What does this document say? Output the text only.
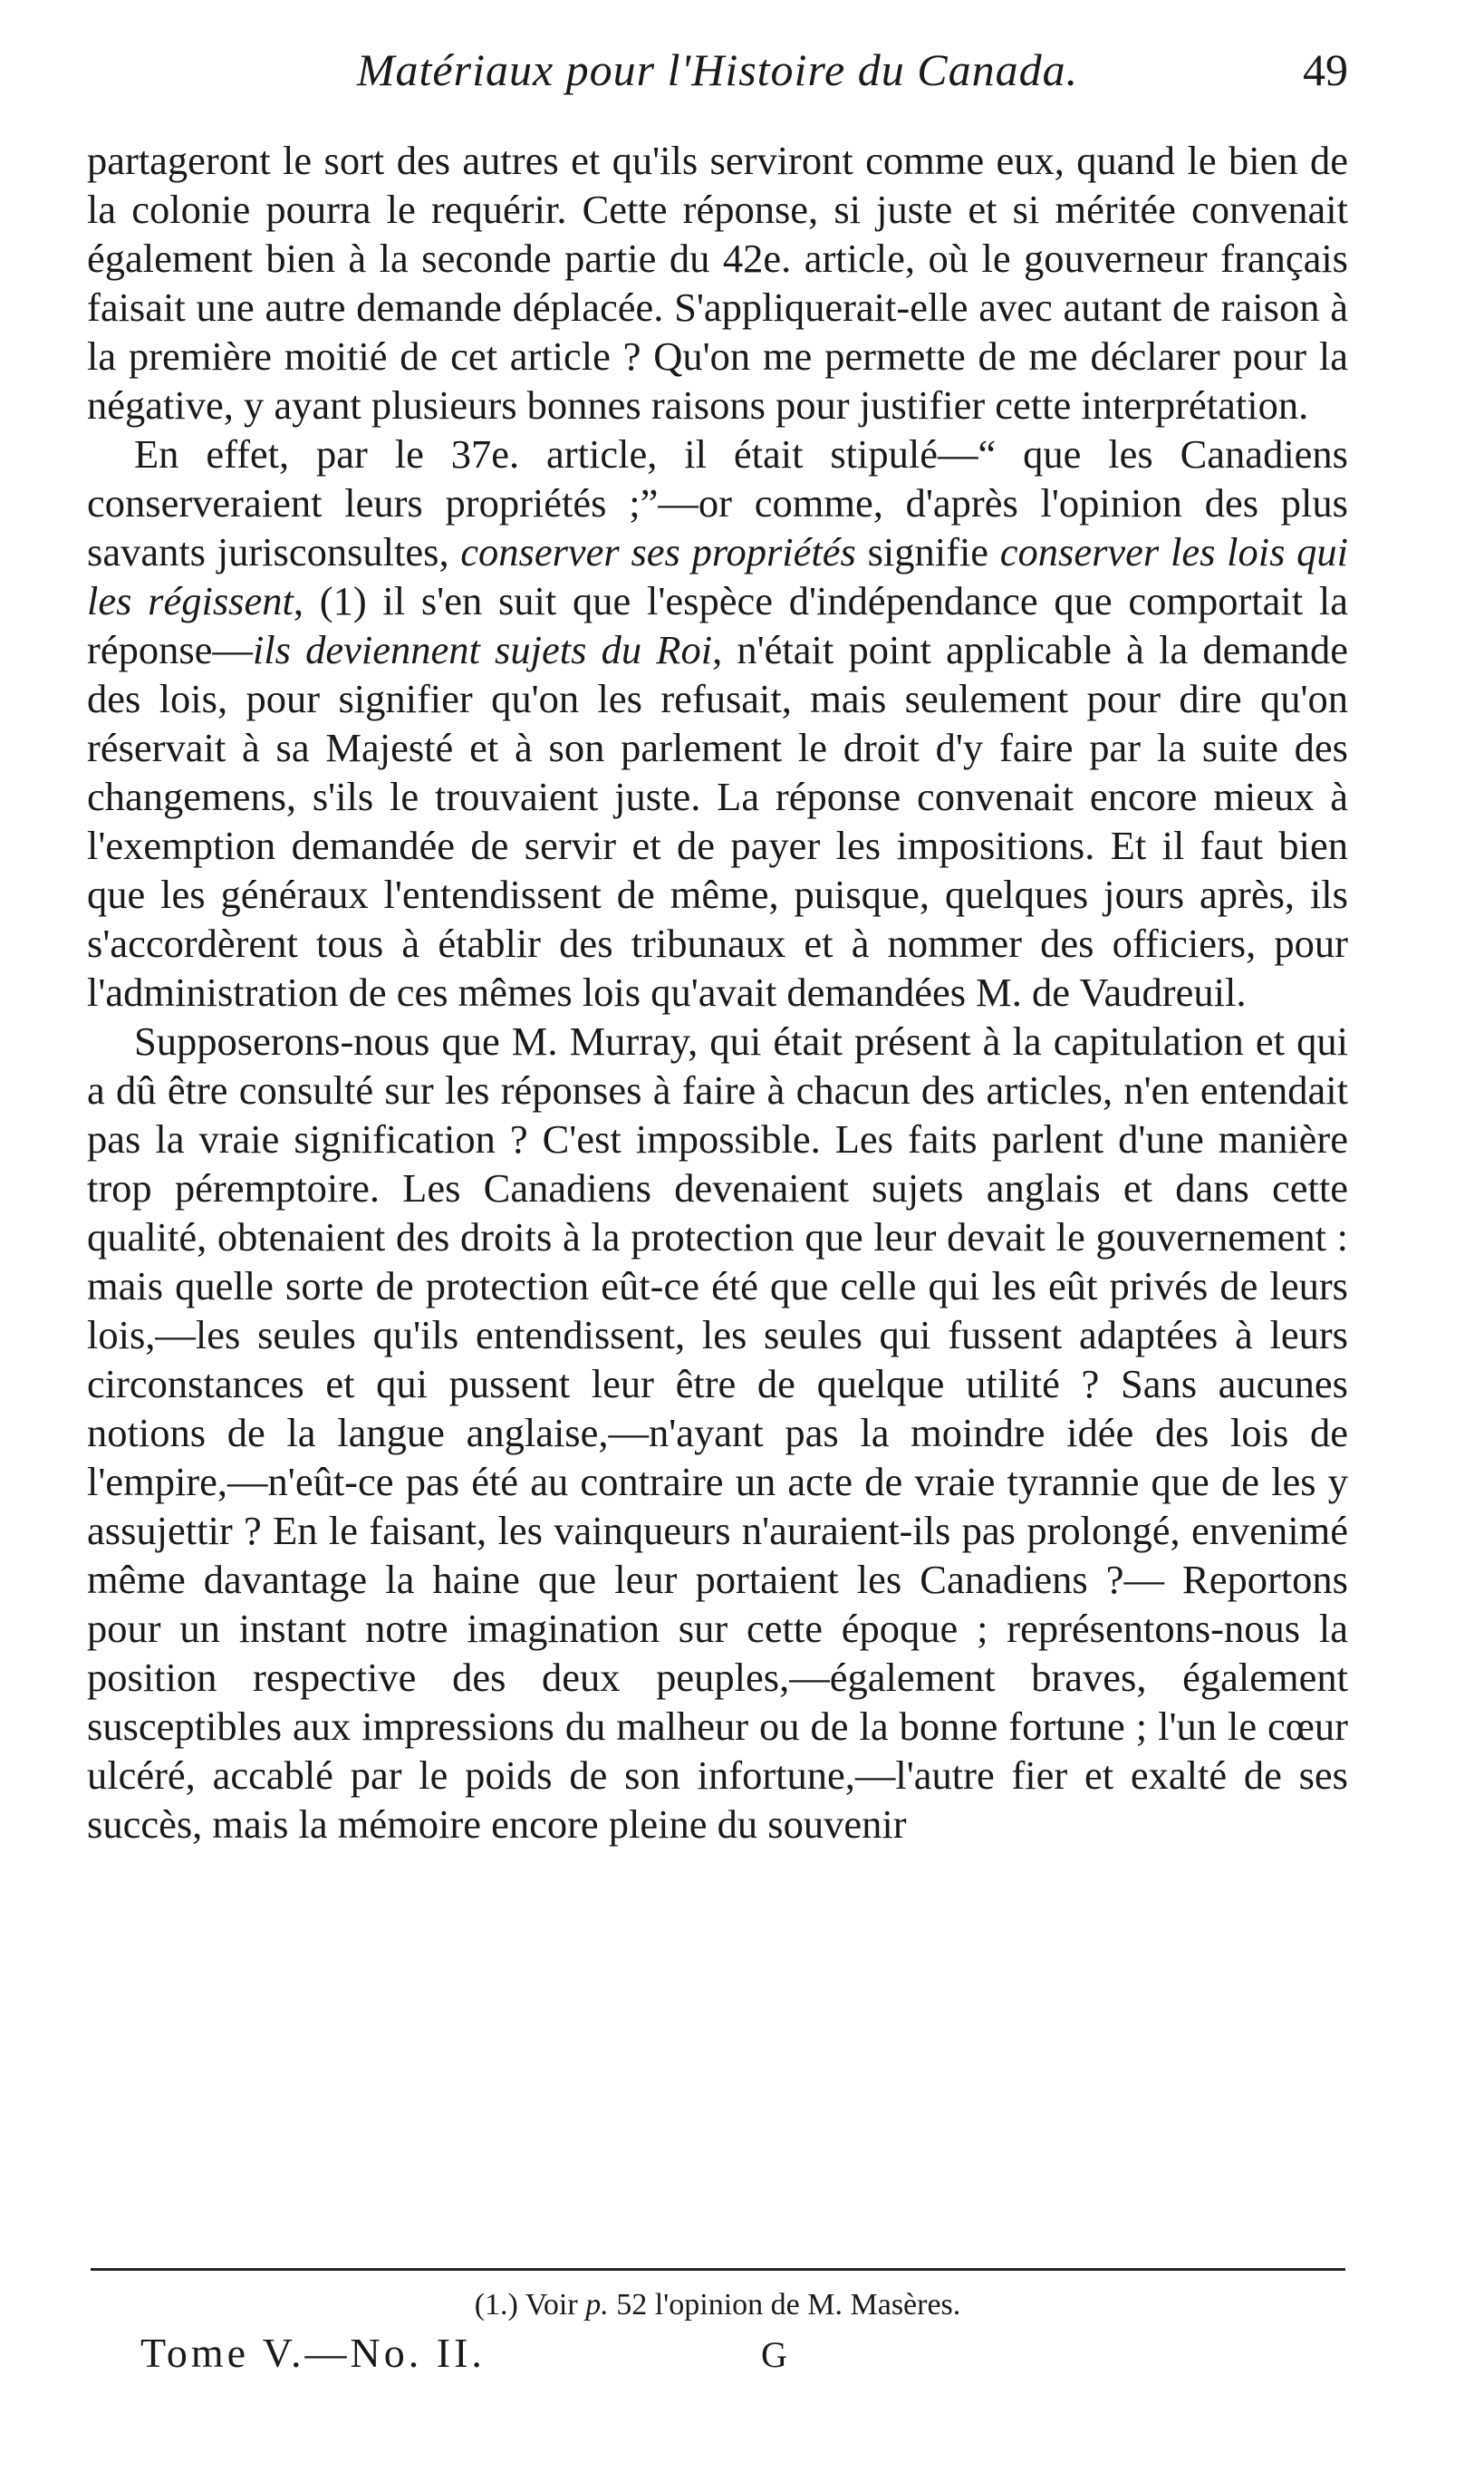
Matériaux pour l'Histoire du Canada.	49

partageront le sort des autres et qu'ils serviront comme eux, quand le bien de la colonie pourra le requérir. Cette réponse, si juste et si méritée convenait également bien à la seconde partie du 42e. article, où le gouverneur français faisait une autre demande déplacée. S'appliquerait-elle avec autant de raison à la première moitié de cet article ? Qu'on me permette de me déclarer pour la négative, y ayant plusieurs bonnes raisons pour justifier cette interprétation.

En effet, par le 37e. article, il était stipulé—“ que les Canadiens conserveraient leurs propriétés ;”—or comme, d'après l'opinion des plus savants jurisconsultes, conserver ses propriétés signifie conserver les lois qui les régissent, (1) il s'en suit que l'espèce d'indépendance que comportait la réponse—ils deviennent sujets du Roi, n'était point applicable à la demande des lois, pour signifier qu'on les refusait, mais seulement pour dire qu'on réservait à sa Majesté et à son parlement le droit d'y faire par la suite des changemens, s'ils le trouvaient juste. La réponse convenait encore mieux à l'exemption demandée de servir et de payer les impositions. Et il faut bien que les généraux l'entendissent de même, puisque, quelques jours après, ils s'accordèrent tous à établir des tribunaux et à nommer des officiers, pour l'administration de ces mêmes lois qu'avait demandées M. de Vaudreuil.

Supposerons-nous que M. Murray, qui était présent à la capitulation et qui a dû être consulté sur les réponses à faire à chacun des articles, n'en entendait pas la vraie signification ? C'est impossible. Les faits parlent d'une manière trop péremptoire. Les Canadiens devenaient sujets anglais et dans cette qualité, obtenaient des droits à la protection que leur devait le gouvernement : mais quelle sorte de protection eût-ce été que celle qui les eût privés de leurs lois,—les seules qu'ils entendissent, les seules qui fussent adaptées à leurs circonstances et qui pussent leur être de quelque utilité ? Sans aucunes notions de la langue anglaise,—n'ayant pas la moindre idée des lois de l'empire,—n'eût-ce pas été au contraire un acte de vraie tyrannie que de les y assujettir ? En le faisant, les vainqueurs n'auraient-ils pas prolongé, envenimé même davantage la haine que leur portaient les Canadiens ?— Reportons pour un instant notre imagination sur cette époque ; représentons-nous la position respective des deux peuples,—également braves, également susceptibles aux impressions du malheur ou de la bonne fortune ; l'un le cœur ulcéré, accablé par le poids de son infortune,—l'autre fier et exalté de ses succès, mais la mémoire encore pleine du souvenir

(1.) Voir p. 52 l'opinion de M. Masères.
Tome V.—No. II.	G
